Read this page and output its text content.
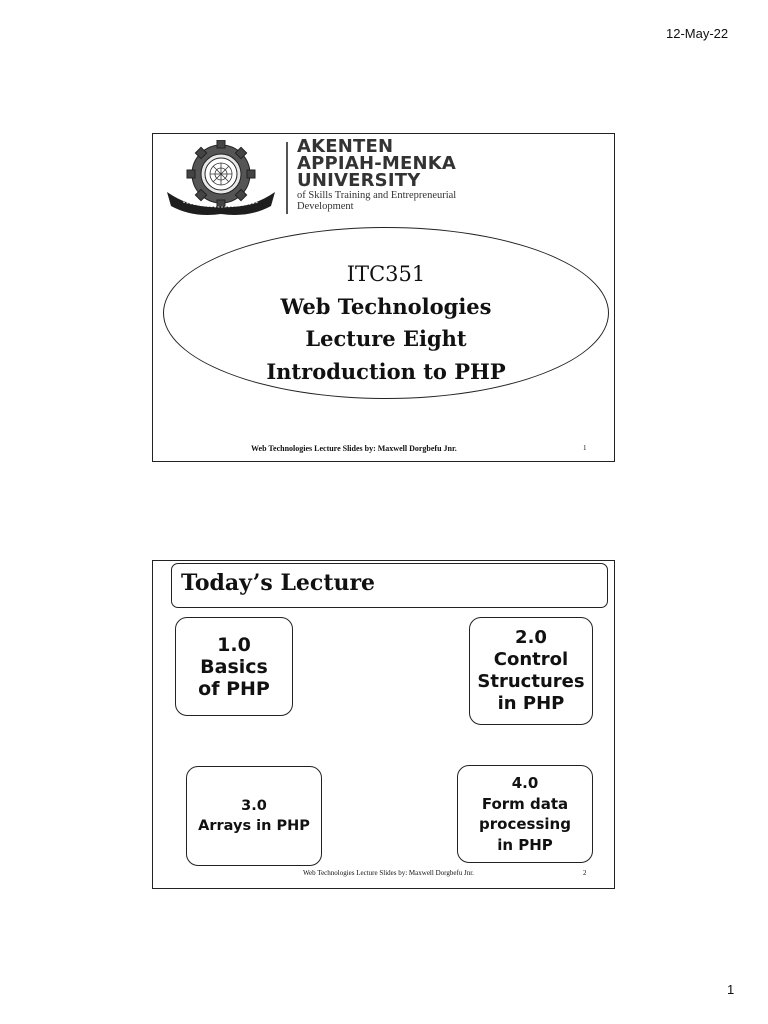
12-May-22
AKENTEN
APPIAH-MENKA
UNIVERSITY
of Skills Training and Entrepreneurial Development
ITC351
Web Technologies
Lecture Eight
Introduction to PHP
Web Technologies Lecture Slides by: Maxwell Dorgbefu Jnr.	1
Today’s Lecture
1.0
Basics
of PHP
2.0
Control
Structures
in PHP
3.0
Arrays in PHP
4.0
Form data
processing
in PHP
Web Technologies Lecture Slides by: Maxwell Dorgbefu Jnr.	2
1
